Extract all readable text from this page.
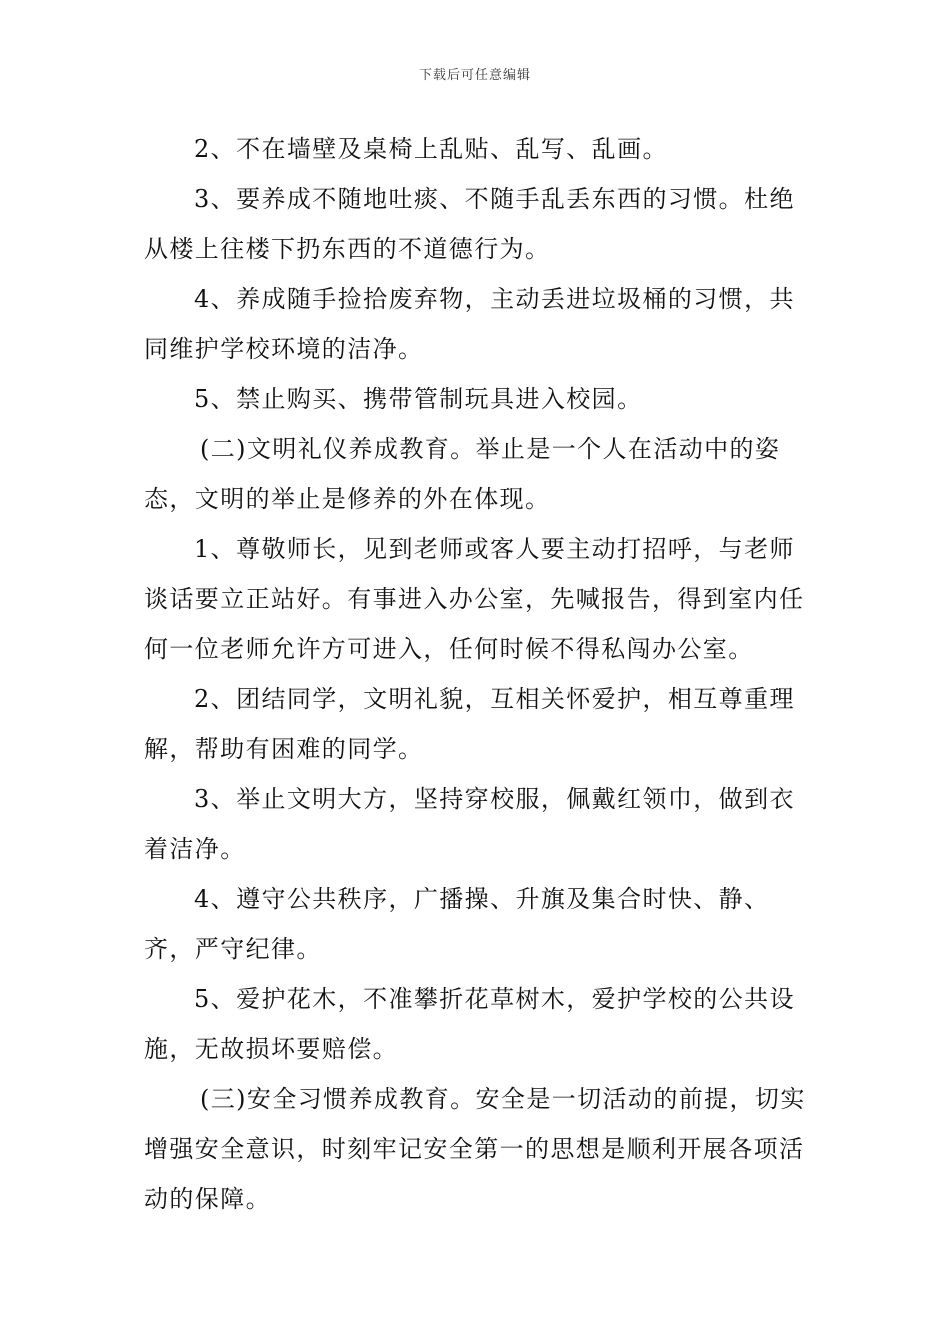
下载后可任意编辑

2、不在墙壁及桌椅上乱贴、乱写、乱画。

3、要养成不随地吐痰、不随手乱丢东西的习惯。杜绝从楼上往楼下扔东西的不道德行为。

4、养成随手捡拾废弃物，主动丢进垃圾桶的习惯，共同维护学校环境的洁净。

5、禁止购买、携带管制玩具进入校园。

(二)文明礼仪养成教育。举止是一个人在活动中的姿态，文明的举止是修养的外在体现。

1、尊敬师长，见到老师或客人要主动打招呼，与老师谈话要立正站好。有事进入办公室，先喊报告，得到室内任何一位老师允许方可进入，任何时候不得私闯办公室。

2、团结同学，文明礼貌，互相关怀爱护，相互尊重理解，帮助有困难的同学。

3、举止文明大方，坚持穿校服，佩戴红领巾，做到衣着洁净。

4、遵守公共秩序，广播操、升旗及集合时快、静、齐，严守纪律。

5、爱护花木，不准攀折花草树木，爱护学校的公共设施，无故损坏要赔偿。

(三)安全习惯养成教育。安全是一切活动的前提，切实增强安全意识，时刻牢记安全第一的思想是顺利开展各项活动的保障。
